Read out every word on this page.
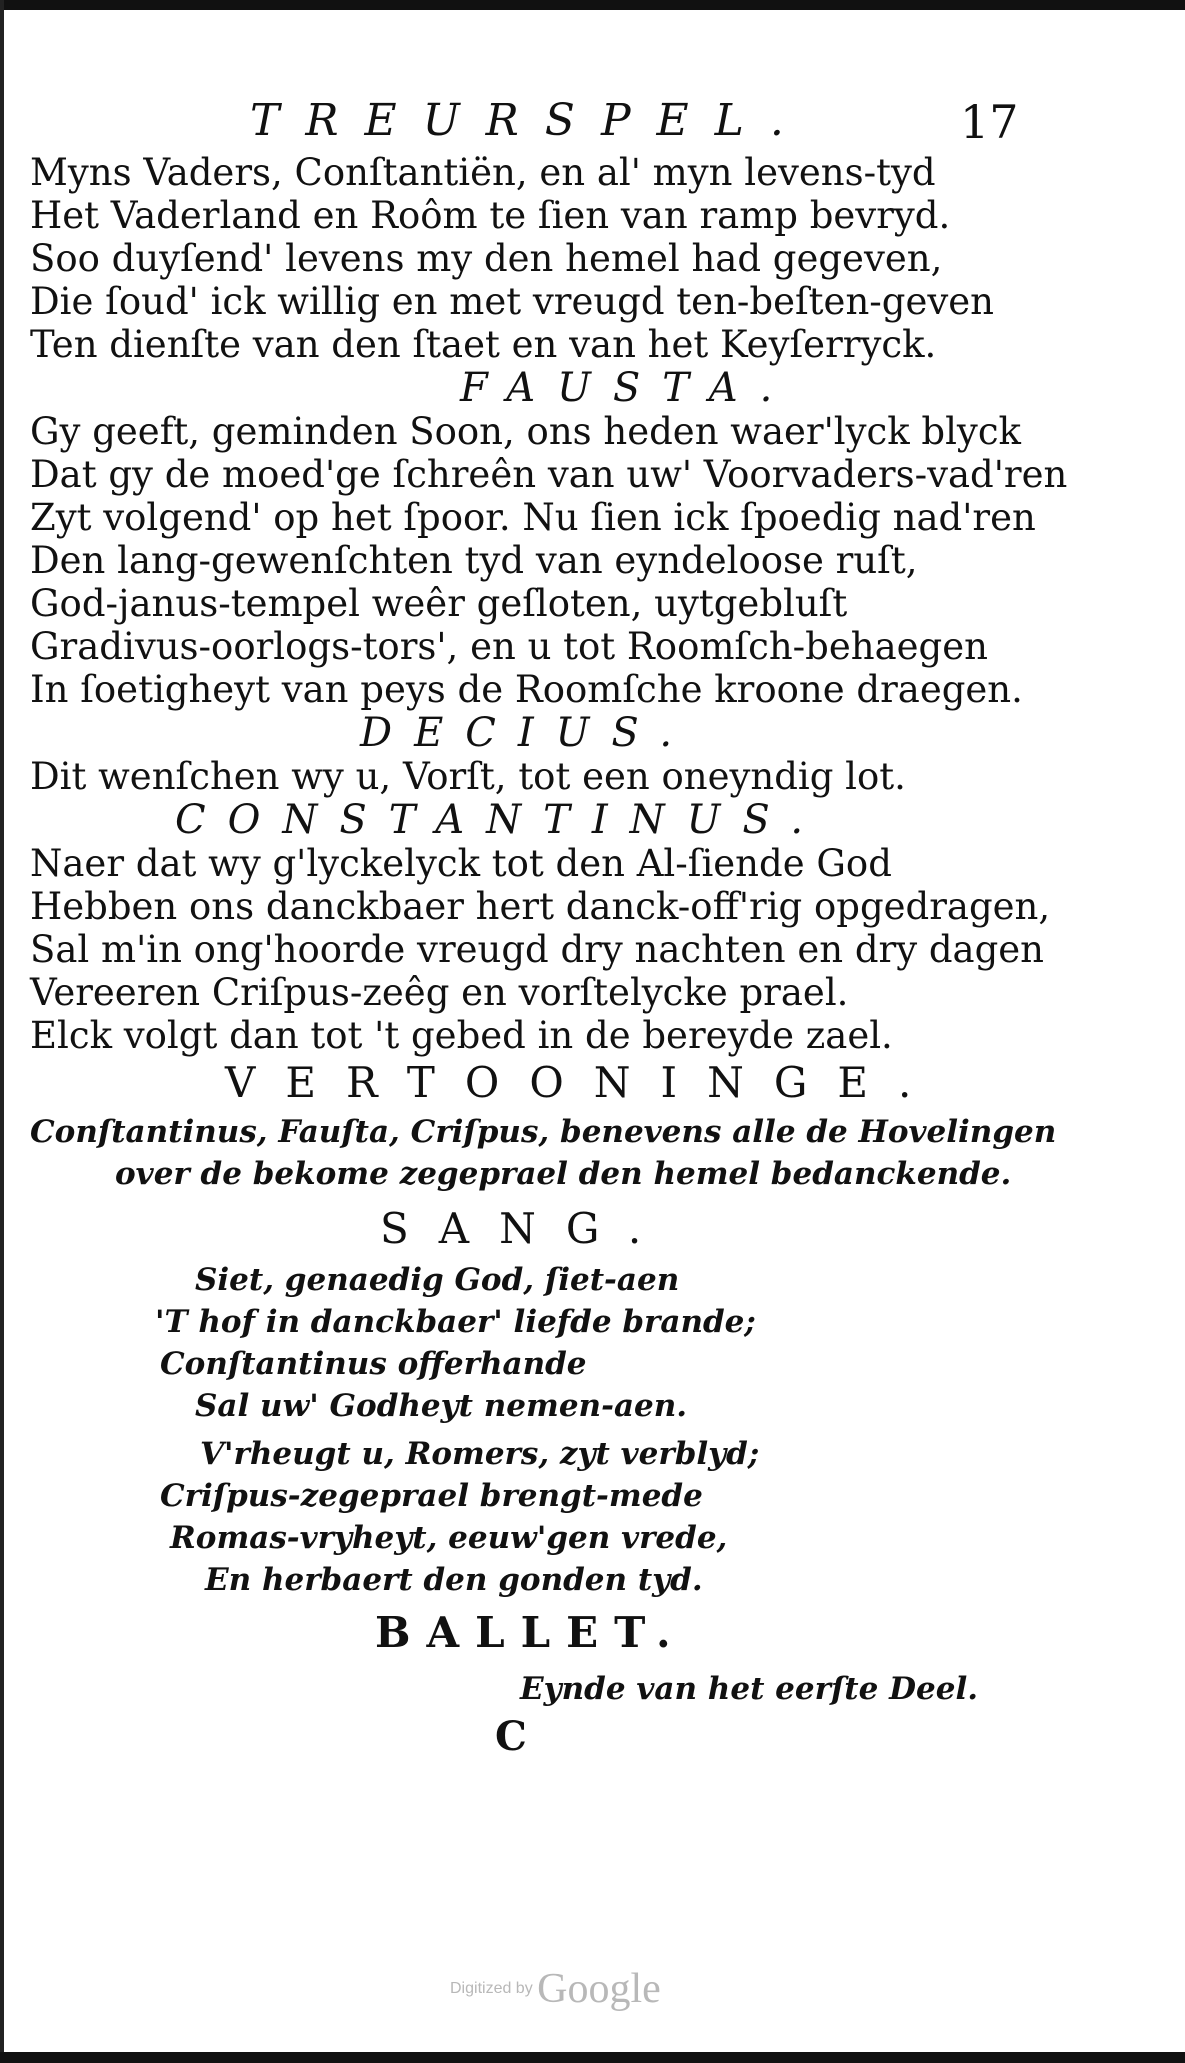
TREURSPEL.	17

Myns Vaders, Conſtantiën, en al' myn levens-tyd
Het Vaderland en Roôm te ſien van ramp bevryd.
Soo duyſend' levens my den hemel had gegeven,
Die ſoud' ick willig en met vreugd ten-beſten-geven
Ten dienſte van den ſtaet en van het Keyſerryck.

FAUSTA.

Gy geeft, geminden Soon, ons heden waer'lyck blyck
Dat gy de moed'ge ſchreên van uw' Voorvaders-vad'ren
Zyt volgend' op het ſpoor. Nu ſien ick ſpoedig nad'ren
Den lang-gewenſchten tyd van eyndeloose ruſt,
God-janus-tempel weêr geſloten, uytgebluſt
Gradivus-oorlogs-tors', en u tot Roomſch-behaegen
In ſoetigheyt van peys de Roomſche kroone draegen.

DECIUS.

Dit wenſchen wy u, Vorſt, tot een oneyndig lot.

CONSTANTINUS.

Naer dat wy g'lyckelyck tot den Al-ſiende God
Hebben ons danckbaer hert danck-off'rig opgedragen,
Sal m'in ong'hoorde vreugd dry nachten en dry dagen
Vereeren Criſpus-zeêg en vorſtelycke prael.
Elck volgt dan tot 't gebed in de bereyde zael.

VERTOONINGE.

Conſtantinus, Fauſta, Criſpus, benevens alle de Hovelingen
over de bekome zegeprael den hemel bedanckende.

SANG.

Siet, genaedig God, ſiet-aen
'T hof in danckbaer' liefde brande;
Conſtantinus offerhande
Sal uw' Godheyt nemen-aen.
V'rheugt u, Romers, zyt verblyd;
Criſpus-zegeprael brengt-mede
Romas-vryheyt, eeuw'gen vrede,
En herbaert den gonden tyd.

BALLET.

Eynde van het eerſte Deel.

C

Digitized by Google
